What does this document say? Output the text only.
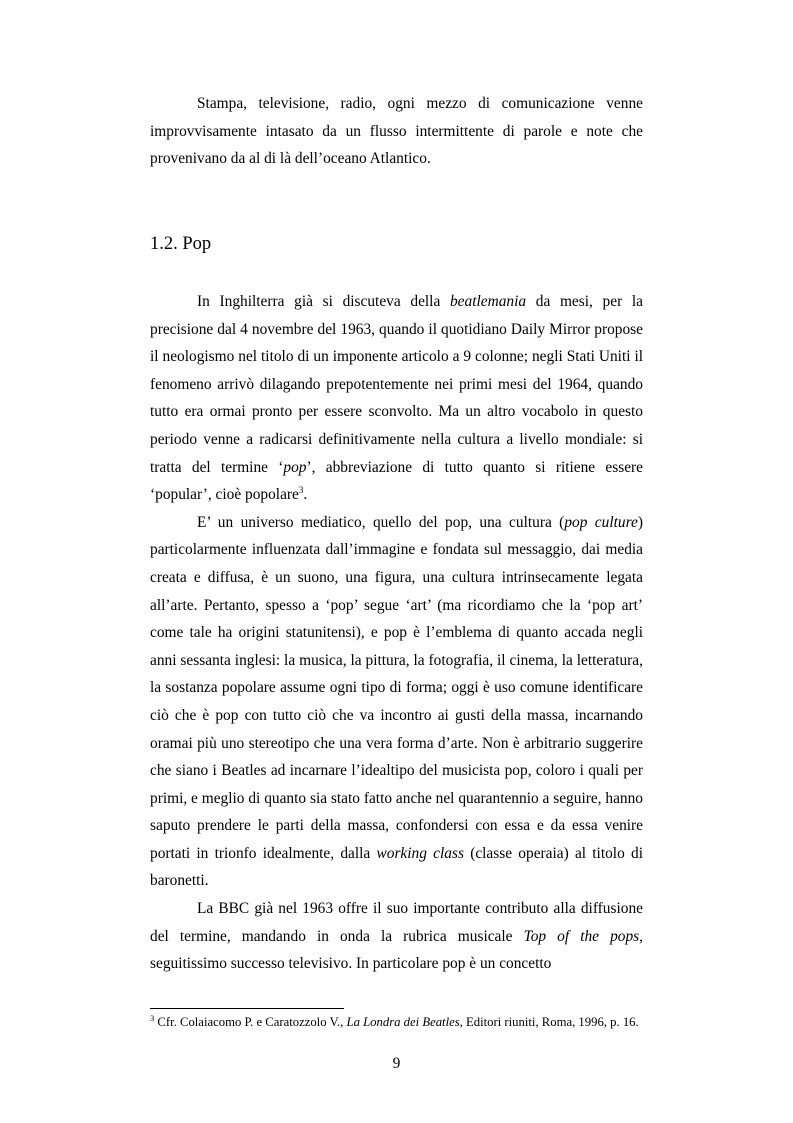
Stampa, televisione, radio, ogni mezzo di comunicazione venne improvvisamente intasato da un flusso intermittente di parole e note che provenivano da al di là dell’oceano Atlantico.

1.2. Pop

In Inghilterra già si discuteva della beatlemania da mesi, per la precisione dal 4 novembre del 1963, quando il quotidiano Daily Mirror propose il neologismo nel titolo di un imponente articolo a 9 colonne; negli Stati Uniti il fenomeno arrivò dilagando prepotentemente nei primi mesi del 1964, quando tutto era ormai pronto per essere sconvolto. Ma un altro vocabolo in questo periodo venne a radicarsi definitivamente nella cultura a livello mondiale: si tratta del termine ‘pop’, abbreviazione di tutto quanto si ritiene essere ‘popular’, cioè popolare$^3$.

E’ un universo mediatico, quello del pop, una cultura (pop culture) particolarmente influenzata dall’immagine e fondata sul messaggio, dai media creata e diffusa, è un suono, una figura, una cultura intrinsecamente legata all’arte. Pertanto, spesso a ‘pop’ segue ‘art’ (ma ricordiamo che la ‘pop art’ come tale ha origini statunitensi), e pop è l’emblema di quanto accada negli anni sessanta inglesi: la musica, la pittura, la fotografia, il cinema, la letteratura, la sostanza popolare assume ogni tipo di forma; oggi è uso comune identificare ciò che è pop con tutto ciò che va incontro ai gusti della massa, incarnando oramai più uno stereotipo che una vera forma d’arte. Non è arbitrario suggerire che siano i Beatles ad incarnare l’idealtipo del musicista pop, coloro i quali per primi, e meglio di quanto sia stato fatto anche nel quarantennio a seguire, hanno saputo prendere le parti della massa, confondersi con essa e da essa venire portati in trionfo idealmente, dalla working class (classe operaia) al titolo di baronetti.

La BBC già nel 1963 offre il suo importante contributo alla diffusione del termine, mandando in onda la rubrica musicale Top of the pops, seguitissimo successo televisivo. In particolare pop è un concetto

$^3$ Cfr. Colaiacomo P. e Caratozzolo V., La Londra dei Beatles, Editori riuniti, Roma, 1996, p. 16.
9
